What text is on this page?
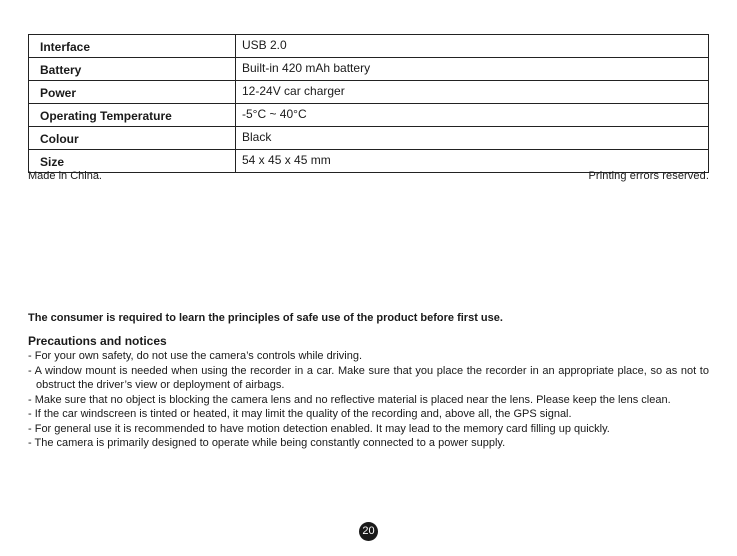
Interface	USB 2.0
Battery	Built-in 420 mAh battery
Power	12-24V car charger
Operating Temperature	-5°C ~ 40°C
Colour	Black
Size	54 x 45 x 45 mm
Made in China.	Printing errors reserved.
The consumer is required to learn the principles of safe use of the product before first use.
Precautions and notices
- For your own safety, do not use the camera’s controls while driving.
- A window mount is needed when using the recorder in a car. Make sure that you place the recorder in an appropriate place, so as not to obstruct the driver’s view or deployment of airbags.
- Make sure that no object is blocking the camera lens and no reflective material is placed near the lens. Please keep the lens clean.
- If the car windscreen is tinted or heated, it may limit the quality of the recording and, above all, the GPS signal.
- For general use it is recommended to have motion detection enabled. It may lead to the memory card filling up quickly.
- The camera is primarily designed to operate while being constantly connected to a power supply.
20
